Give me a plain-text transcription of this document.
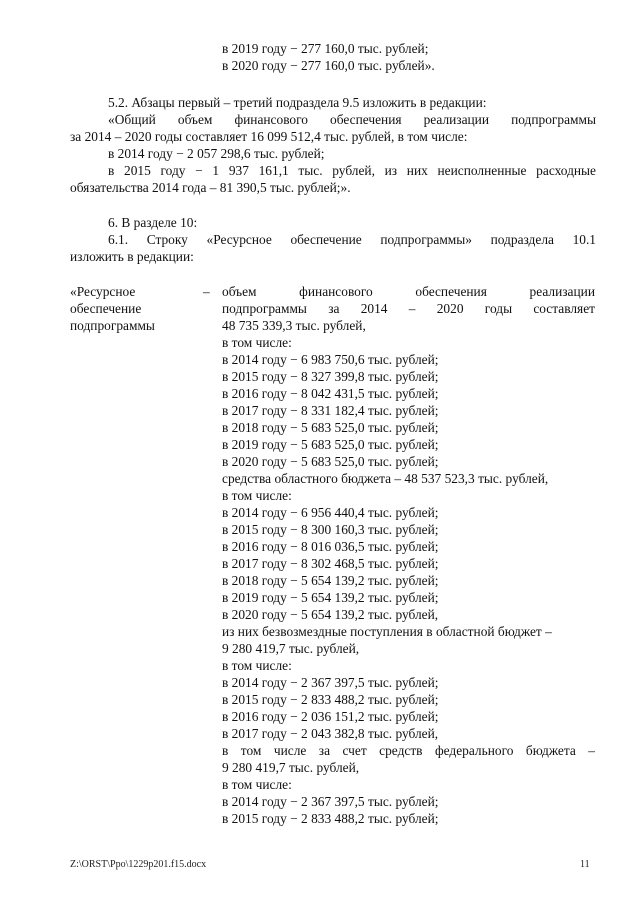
в 2019 году − 277 160,0 тыс. рублей;
в 2020 году − 277 160,0 тыс. рублей».
5.2. Абзацы первый – третий подраздела 9.5 изложить в редакции:
«Общий объем финансового обеспечения реализации подпрограммы
за 2014 – 2020 годы составляет 16 099 512,4 тыс. рублей, в том числе:
в 2014 году − 2 057 298,6 тыс. рублей;
в 2015 году − 1 937 161,1 тыс. рублей, из них неисполненные расходные
обязательства 2014 года – 81 390,5 тыс. рублей;».
6. В разделе 10:
6.1. Строку «Ресурсное обеспечение подпрограммы» подраздела 10.1
изложить в редакции:
«Ресурсное
обеспечение
подпрограммы
– объем финансового обеспечения реализации
подпрограммы за 2014 – 2020 годы составляет
48 735 339,3 тыс. рублей,
в том числе:
в 2014 году − 6 983 750,6 тыс. рублей;
в 2015 году − 8 327 399,8 тыс. рублей;
в 2016 году − 8 042 431,5 тыс. рублей;
в 2017 году − 8 331 182,4 тыс. рублей;
в 2018 году − 5 683 525,0 тыс. рублей;
в 2019 году − 5 683 525,0 тыс. рублей;
в 2020 году − 5 683 525,0 тыс. рублей;
средства областного бюджета – 48 537 523,3 тыс. рублей,
в том числе:
в 2014 году − 6 956 440,4 тыс. рублей;
в 2015 году − 8 300 160,3 тыс. рублей;
в 2016 году − 8 016 036,5 тыс. рублей;
в 2017 году − 8 302 468,5 тыс. рублей;
в 2018 году − 5 654 139,2 тыс. рублей;
в 2019 году − 5 654 139,2 тыс. рублей;
в 2020 году − 5 654 139,2 тыс. рублей,
из них безвозмездные поступления в областной бюджет –
9 280 419,7 тыс. рублей,
в том числе:
в 2014 году − 2 367 397,5 тыс. рублей;
в 2015 году − 2 833 488,2 тыс. рублей;
в 2016 году − 2 036 151,2 тыс. рублей;
в 2017 году − 2 043 382,8 тыс. рублей,
в том числе за счет средств федерального бюджета –
9 280 419,7 тыс. рублей,
в том числе:
в 2014 году − 2 367 397,5 тыс. рублей;
в 2015 году − 2 833 488,2 тыс. рублей;
Z:\ORST\Ppo\1229p201.f15.docx	11
